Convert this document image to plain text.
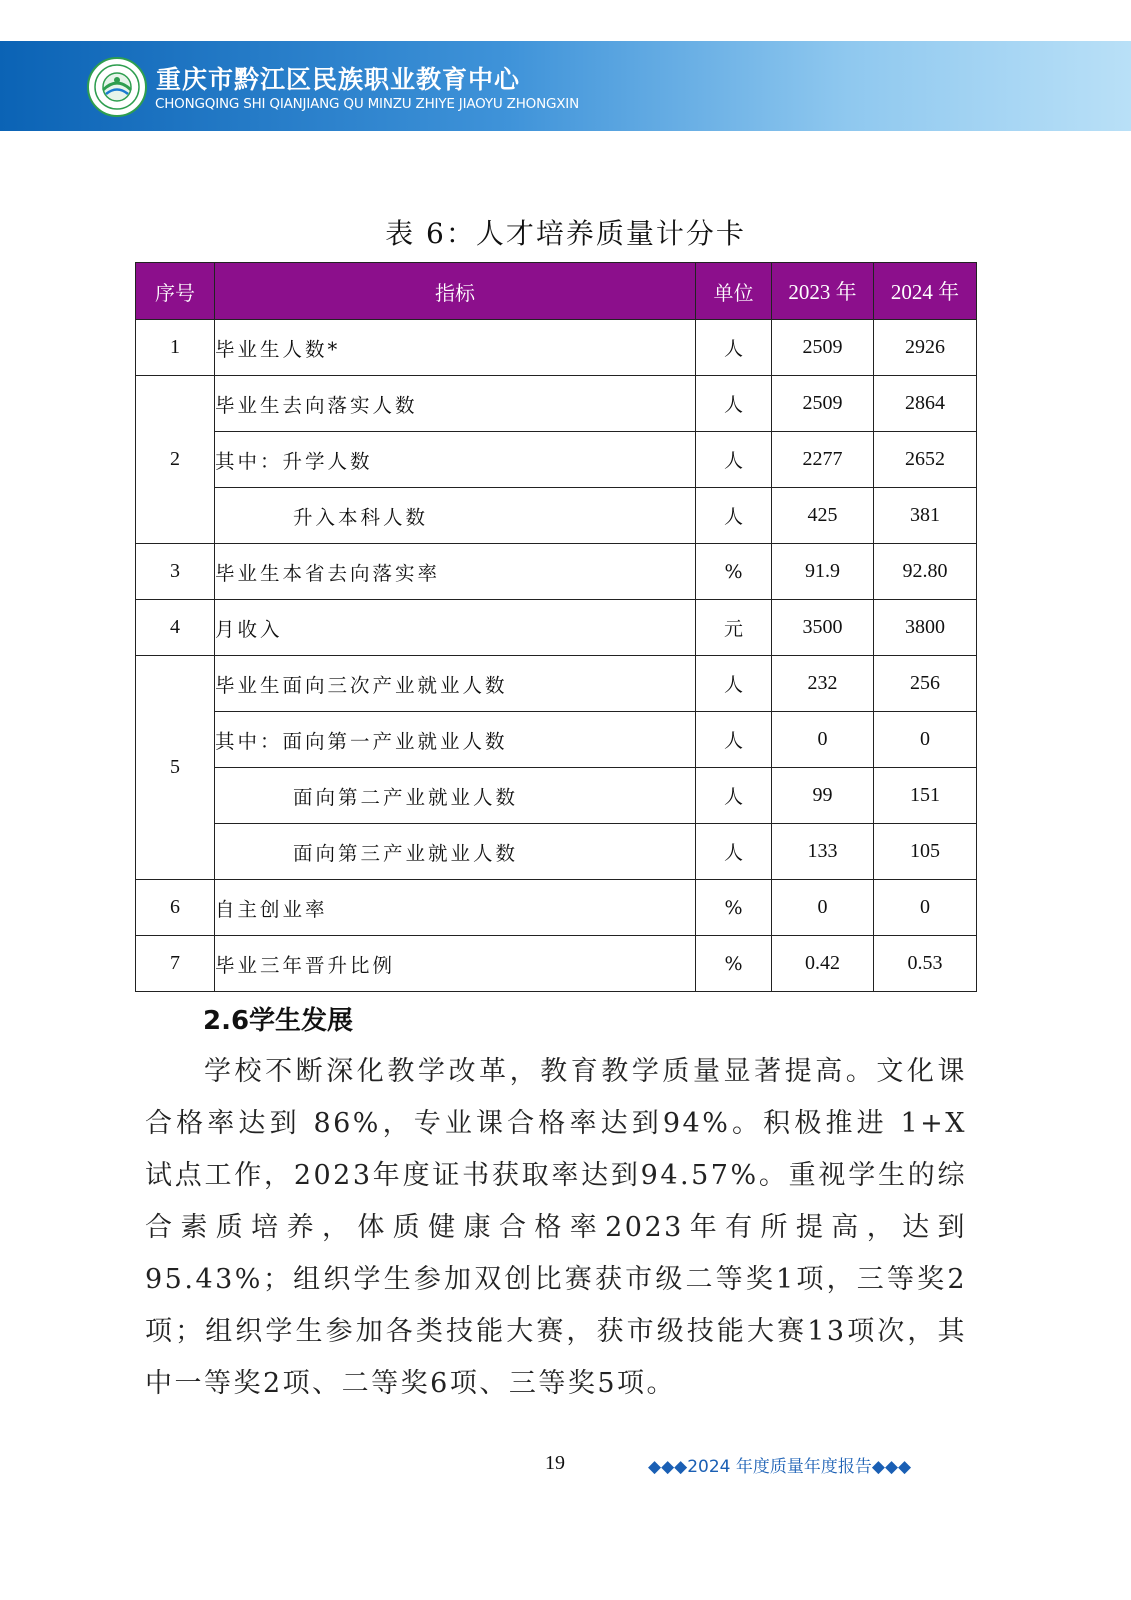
重庆市黔江区民族职业教育中心
CHONGQING SHI QIANJIANG QU MINZU ZHIYE JIAOYU ZHONGXIN
表 6：人才培养质量计分卡
序号	指标	单位	2023 年	2024 年
1	毕业生人数*	人	2509	2926
2	毕业生去向落实人数	人	2509	2864
	其中：升学人数	人	2277	2652
	升入本科人数	人	425	381
3	毕业生本省去向落实率	%	91.9	92.80
4	月收入	元	3500	3800
5	毕业生面向三次产业就业人数	人	232	256
	其中：面向第一产业就业人数	人	0	0
	面向第二产业就业人数	人	99	151
	面向第三产业就业人数	人	133	105
6	自主创业率	%	0	0
7	毕业三年晋升比例	%	0.42	0.53
2.6学生发展

学校不断深化教学改革，教育教学质量显著提高。文化课合格率达到 86%，专业课合格率达到94%。积极推进 1+X 试点工作，2023年度证书获取率达到94.57%。重视学生的综合素质培养，体质健康合格率2023年有所提高，达到95.43%；组织学生参加双创比赛获市级二等奖1项，三等奖2项；组织学生参加各类技能大赛，获市级技能大赛13项次，其中一等奖2项、二等奖6项、三等奖5项。

19	◆◆◆2024 年度质量年度报告◆◆◆
